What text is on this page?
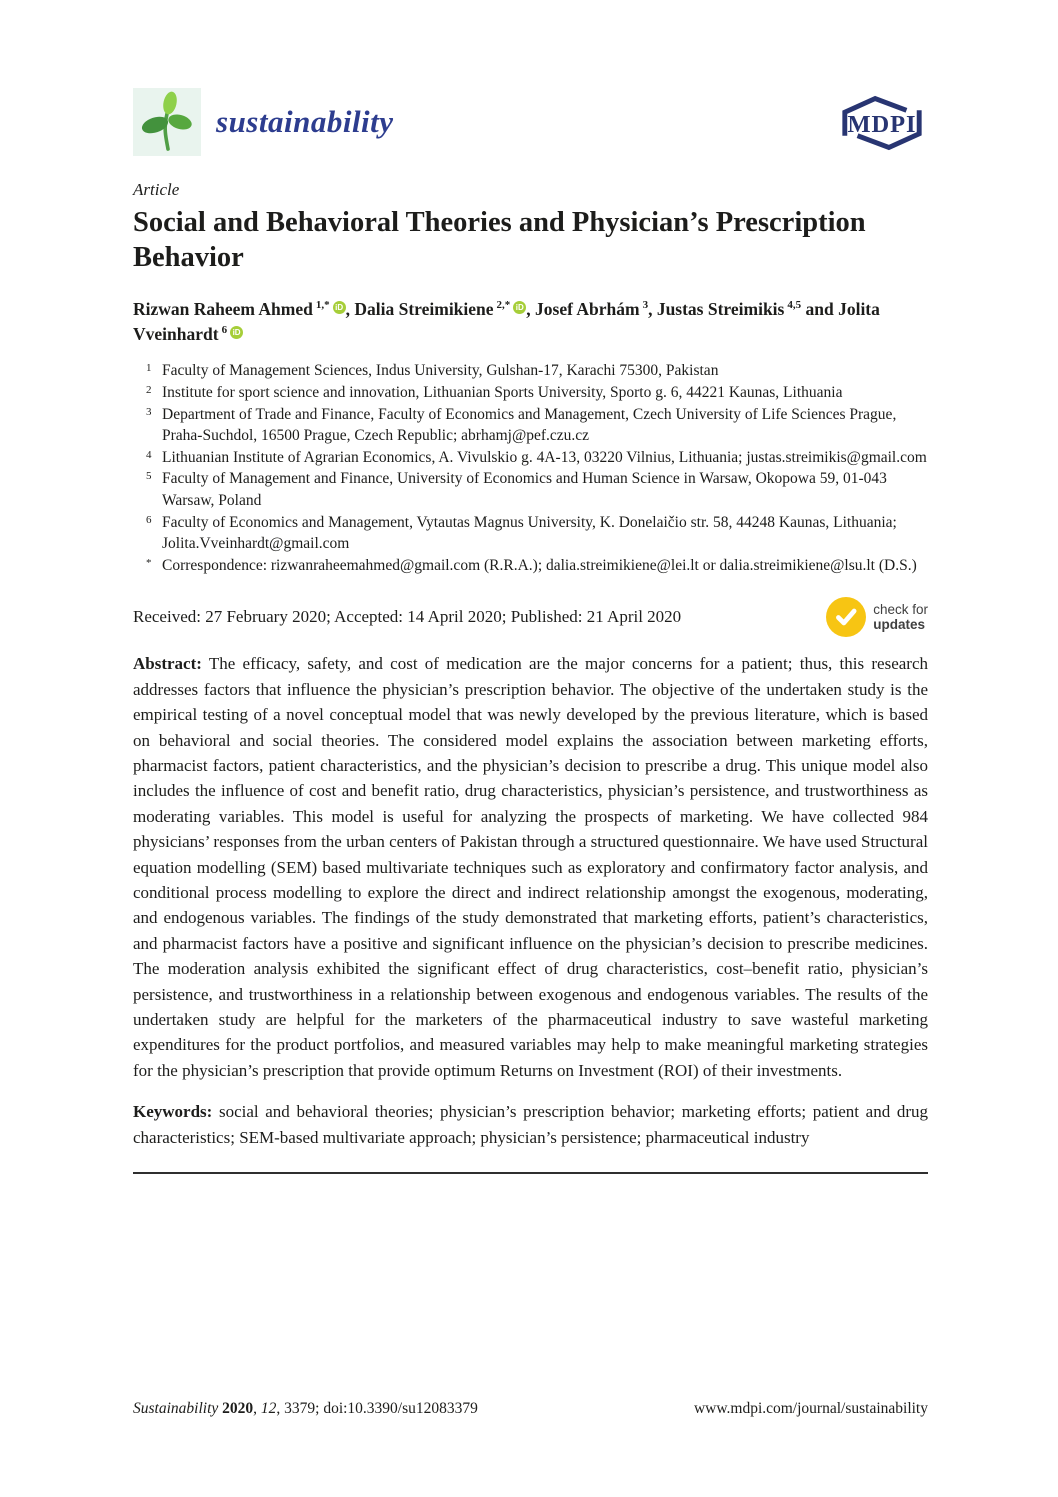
sustainability	MDPI
Article
Social and Behavioral Theories and Physician’s Prescription Behavior
Rizwan Raheem Ahmed $^{1,*}$ iD , Dalia Streimikiene $^{2,*}$ iD , Josef Abrhám $^3$, Justas Streimikis $^{4,5}$ and Jolita Vveinhardt $^6$ iD
1 Faculty of Management Sciences, Indus University, Gulshan-17, Karachi 75300, Pakistan
2 Institute for sport science and innovation, Lithuanian Sports University, Sporto g. 6, 44221 Kaunas, Lithuania
3 Department of Trade and Finance, Faculty of Economics and Management, Czech University of Life Sciences Prague, Praha-Suchdol, 16500 Prague, Czech Republic; abrhamj@pef.czu.cz
4 Lithuanian Institute of Agrarian Economics, A. Vivulskio g. 4A-13, 03220 Vilnius, Lithuania; justas.streimikis@gmail.com
5 Faculty of Management and Finance, University of Economics and Human Science in Warsaw, Okopowa 59, 01-043 Warsaw, Poland
6 Faculty of Economics and Management, Vytautas Magnus University, K. Donelaičio str. 58, 44248 Kaunas, Lithuania; Jolita.Vveinhardt@gmail.com
* Correspondence: rizwanraheemahmed@gmail.com (R.R.A.); dalia.streimikiene@lei.lt or dalia.streimikiene@lsu.lt (D.S.)
Received: 27 February 2020; Accepted: 14 April 2020; Published: 21 April 2020	check for
updates

Abstract: The efficacy, safety, and cost of medication are the major concerns for a patient; thus, this research addresses factors that influence the physician’s prescription behavior. The objective of the undertaken study is the empirical testing of a novel conceptual model that was newly developed by the previous literature, which is based on behavioral and social theories. The considered model explains the association between marketing efforts, pharmacist factors, patient characteristics, and the physician’s decision to prescribe a drug. This unique model also includes the influence of cost and benefit ratio, drug characteristics, physician’s persistence, and trustworthiness as moderating variables. This model is useful for analyzing the prospects of marketing. We have collected 984 physicians’ responses from the urban centers of Pakistan through a structured questionnaire. We have used Structural equation modelling (SEM) based multivariate techniques such as exploratory and confirmatory factor analysis, and conditional process modelling to explore the direct and indirect relationship amongst the exogenous, moderating, and endogenous variables. The findings of the study demonstrated that marketing efforts, patient’s characteristics, and pharmacist factors have a positive and significant influence on the physician’s decision to prescribe medicines. The moderation analysis exhibited the significant effect of drug characteristics, cost–benefit ratio, physician’s persistence, and trustworthiness in a relationship between exogenous and endogenous variables. The results of the undertaken study are helpful for the marketers of the pharmaceutical industry to save wasteful marketing expenditures for the product portfolios, and measured variables may help to make meaningful marketing strategies for the physician’s prescription that provide optimum Returns on Investment (ROI) of their investments.

Keywords: social and behavioral theories; physician’s prescription behavior; marketing efforts; patient and drug characteristics; SEM-based multivariate approach; physician’s persistence; pharmaceutical industry

Sustainability 2020, 12, 3379; doi:10.3390/su12083379	www.mdpi.com/journal/sustainability
